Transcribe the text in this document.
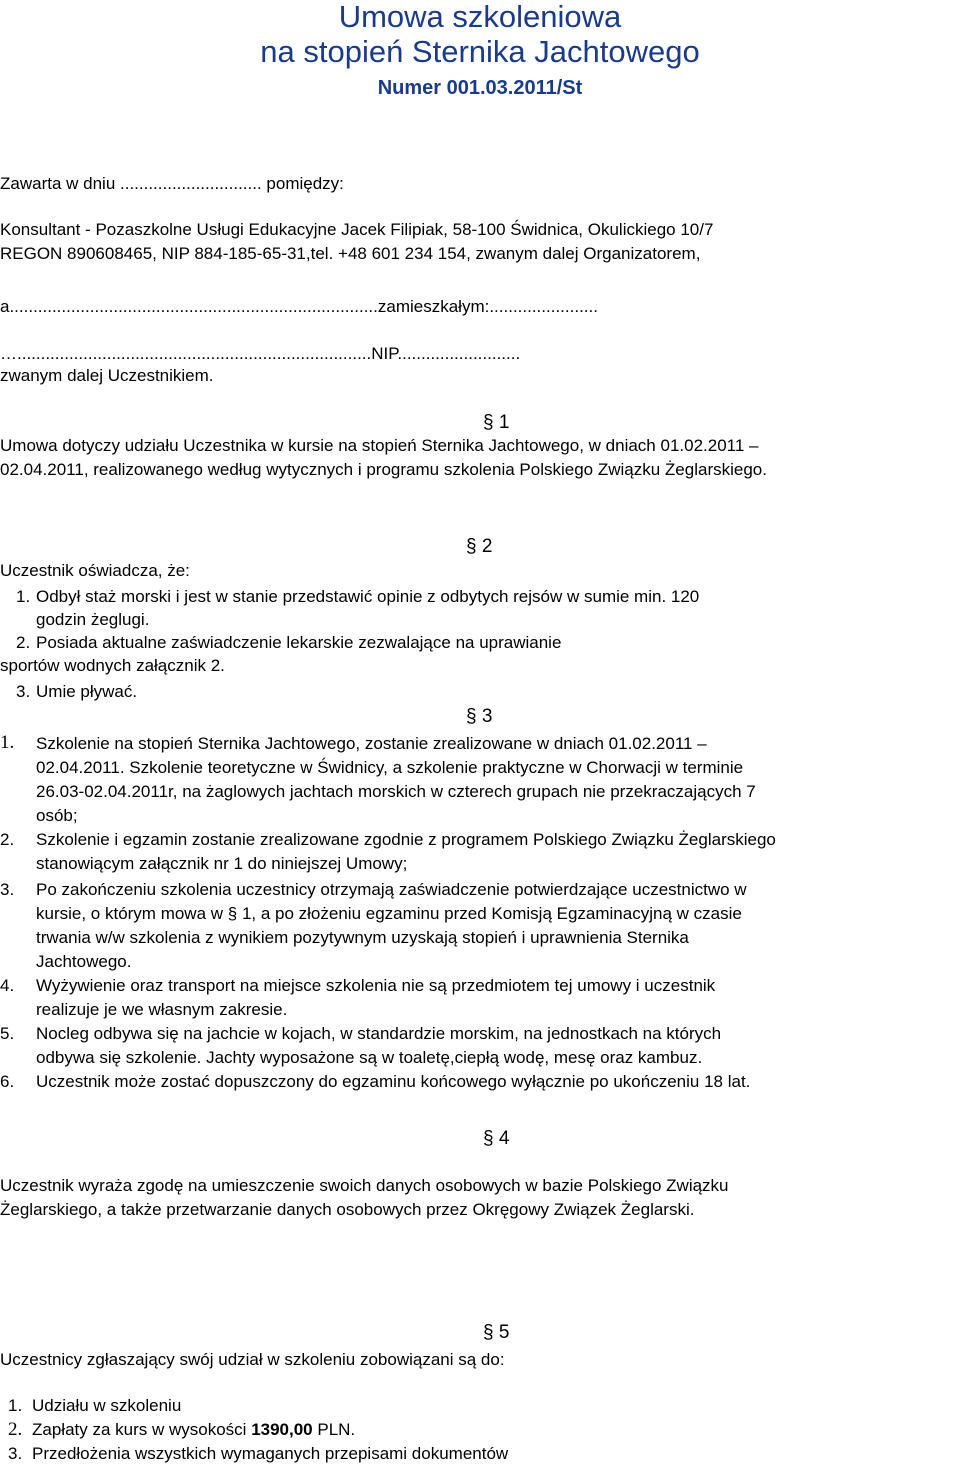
Umowa szkoleniowa
na stopień Sternika Jachtowego
Numer 001.03.2011/St
Zawarta w dniu .............................. pomiędzy:
Konsultant - Pozaszkolne Usługi Edukacyjne Jacek Filipiak, 58-100 Świdnica, Okulickiego 10/7
REGON 890608465, NIP 884-185-65-31,tel. +48 601 234 154, zwanym dalej Organizatorem,
a..............................................................................zamieszkałym:.......................
…...........................................................................NIP..........................
zwanym dalej Uczestnikiem.
§ 1
Umowa dotyczy udziału Uczestnika w kursie na stopień Sternika Jachtowego, w dniach 01.02.2011 –
02.04.2011, realizowanego według wytycznych i programu szkolenia Polskiego Związku Żeglarskiego.
§ 2
Uczestnik oświadcza, że:
1. Odbył staż morski i jest w stanie przedstawić opinie z odbytych rejsów w sumie min. 120
godzin żeglugi.
2. Posiada aktualne zaświadczenie lekarskie zezwalające na uprawianie
sportów wodnych załącznik 2.
3. Umie pływać.
§ 3
1. Szkolenie na stopień Sternika Jachtowego, zostanie zrealizowane w dniach 01.02.2011 –
02.04.2011. Szkolenie teoretyczne w Świdnicy, a szkolenie praktyczne w Chorwacji w terminie
26.03-02.04.2011r, na żaglowych jachtach morskich w czterech grupach nie przekraczających 7
osób;
2. Szkolenie i egzamin zostanie zrealizowane zgodnie z programem Polskiego Związku Żeglarskiego
stanowiącym załącznik nr 1 do niniejszej Umowy;
3. Po zakończeniu szkolenia uczestnicy otrzymają zaświadczenie potwierdzające uczestnictwo w
kursie, o którym mowa w § 1, a po złożeniu egzaminu przed Komisją Egzaminacyjną w czasie
trwania w/w szkolenia z wynikiem pozytywnym uzyskają stopień i uprawnienia Sternika
Jachtowego.
4. Wyżywienie oraz transport na miejsce szkolenia nie są przedmiotem tej umowy i uczestnik
realizuje je we własnym zakresie.
5. Nocleg odbywa się na jachcie w kojach, w standardzie morskim, na jednostkach na których
odbywa się szkolenie. Jachty wyposażone są w toaletę,ciepłą wodę, mesę oraz kambuz.
6. Uczestnik może zostać dopuszczony do egzaminu końcowego wyłącznie po ukończeniu 18 lat.
§ 4
Uczestnik wyraża zgodę na umieszczenie swoich danych osobowych w bazie Polskiego Związku
Żeglarskiego, a także przetwarzanie danych osobowych przez Okręgowy Związek Żeglarski.
§ 5
Uczestnicy zgłaszający swój udział w szkoleniu zobowiązani są do:
1. Udziału w szkoleniu
2. Zapłaty za kurs w wysokości 1390,00 PLN.
3. Przedłożenia wszystkich wymaganych przepisami dokumentów
